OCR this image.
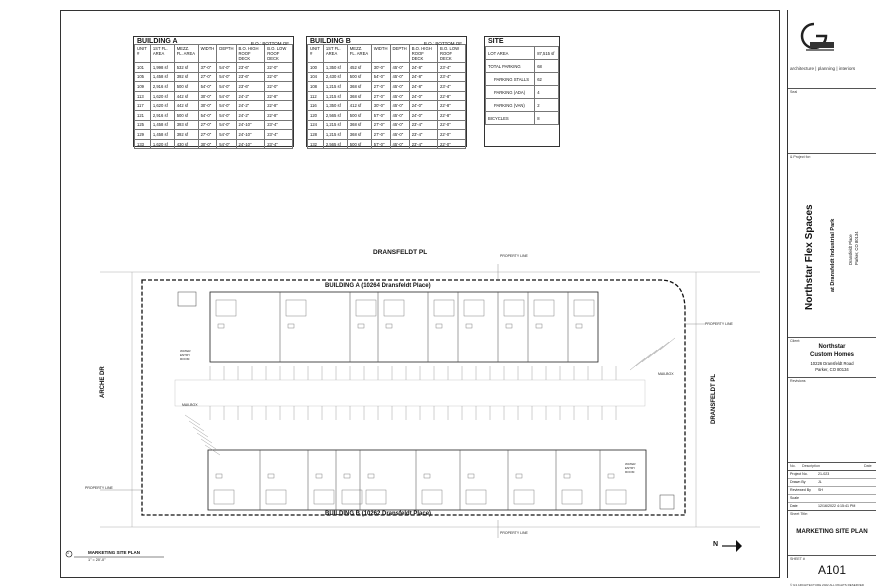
BUILDING A	B.O.: BOTTOM OF
UNIT #	1ST FL. AREA	MEZZ. FL. AREA	WIDTH	DEPTH	B.O. HIGH ROOF DECK	B.O. LOW ROOF DECK
101	1,998 sf	532 sf	37'-0"	54'-0"	23'-6"	22'-0"
105	1,458 sf	392 sf	27'-0"	54'-0"	23'-6"	22'-0"
109	2,916 sf	500 sf	54'-0"	54'-0"	23'-6"	22'-0"
113	1,620 sf	442 sf	30'-0"	54'-0"	24'-2"	22'-8"
117	1,620 sf	442 sf	30'-0"	54'-0"	24'-2"	22'-8"
121	2,916 sf	500 sf	54'-0"	54'-0"	24'-2"	22'-8"
125	1,458 sf	393 sf	27'-0"	54'-0"	24'-10"	23'-4"
129	1,458 sf	392 sf	27'-0"	54'-0"	24'-10"	23'-4"
133	1,620 sf	430 sf	30'-0"	54'-0"	24'-10"	23'-4"
BUILDING B	B.O.: BOTTOM OF
UNIT #	1ST FL. AREA	MEZZ. FL. AREA	WIDTH	DEPTH	B.O. HIGH ROOF DECK	B.O. LOW ROOF DECK
100	1,350 sf	452 sf	30'-0"	45'-0"	24'-8"	23'-4"
104	2,430 sf	500 sf	54'-0"	45'-0"	24'-8"	23'-4"
108	1,215 sf	368 sf	27'-0"	45'-0"	24'-8"	23'-4"
112	1,215 sf	368 sf	27'-0"	45'-0"	24'-0"	22'-8"
116	1,350 sf	412 sf	30'-0"	45'-0"	24'-0"	22'-8"
120	2,565 sf	500 sf	57'-0"	45'-0"	24'-0"	22'-8"
124	1,215 sf	368 sf	27'-0"	45'-0"	23'-4"	22'-0"
128	1,215 sf	368 sf	27'-0"	45'-0"	23'-4"	22'-0"
132	2,565 sf	500 sf	57'-0"	45'-0"	23'-4"	22'-0"
SITE
LOT AREA	87,515 sf
TOTAL PARKING	68
PARKING STALLS	62
PARKING (ADA)	4
PARKING (VAN)	2
BICYCLES	8
DRANSFELDT PL
ARCHE DR	DRANSFELDT PL
BUILDING A (10264 Dransfeldt Place)
BUILDING B (10262 Dransfeldt Place)
PROPERTY LINE
PROPERTY LINE
PROPERTY LINE
PROPERTY LINE
MAILBOX
MAILBOX
WATER ENTRY ROOM
WATER ENTRY ROOM
N
1	MARKETING SITE PLAN
1" = 20'-0"
architecture | planning | interiors
Seal
& Project for:
Northstar Flex Spaces	at Dransfeldt Industrial Park	Dransfeldt Place Parker, CO 80134
Client:
Northstar
Custom Homes
10226 Dransfeldt Road
Parker, CO 80134
Revisions
No. Description	Date
Project No.	21-023
Drawn By	JL
Reviewed By SH
Scale
Date	12/16/2022 4:15:41 PM
Sheet Title:
MARKETING SITE PLAN
SHEET #
A101
© G3 ARCHITECTURE 2022 ALL RIGHTS RESERVED
